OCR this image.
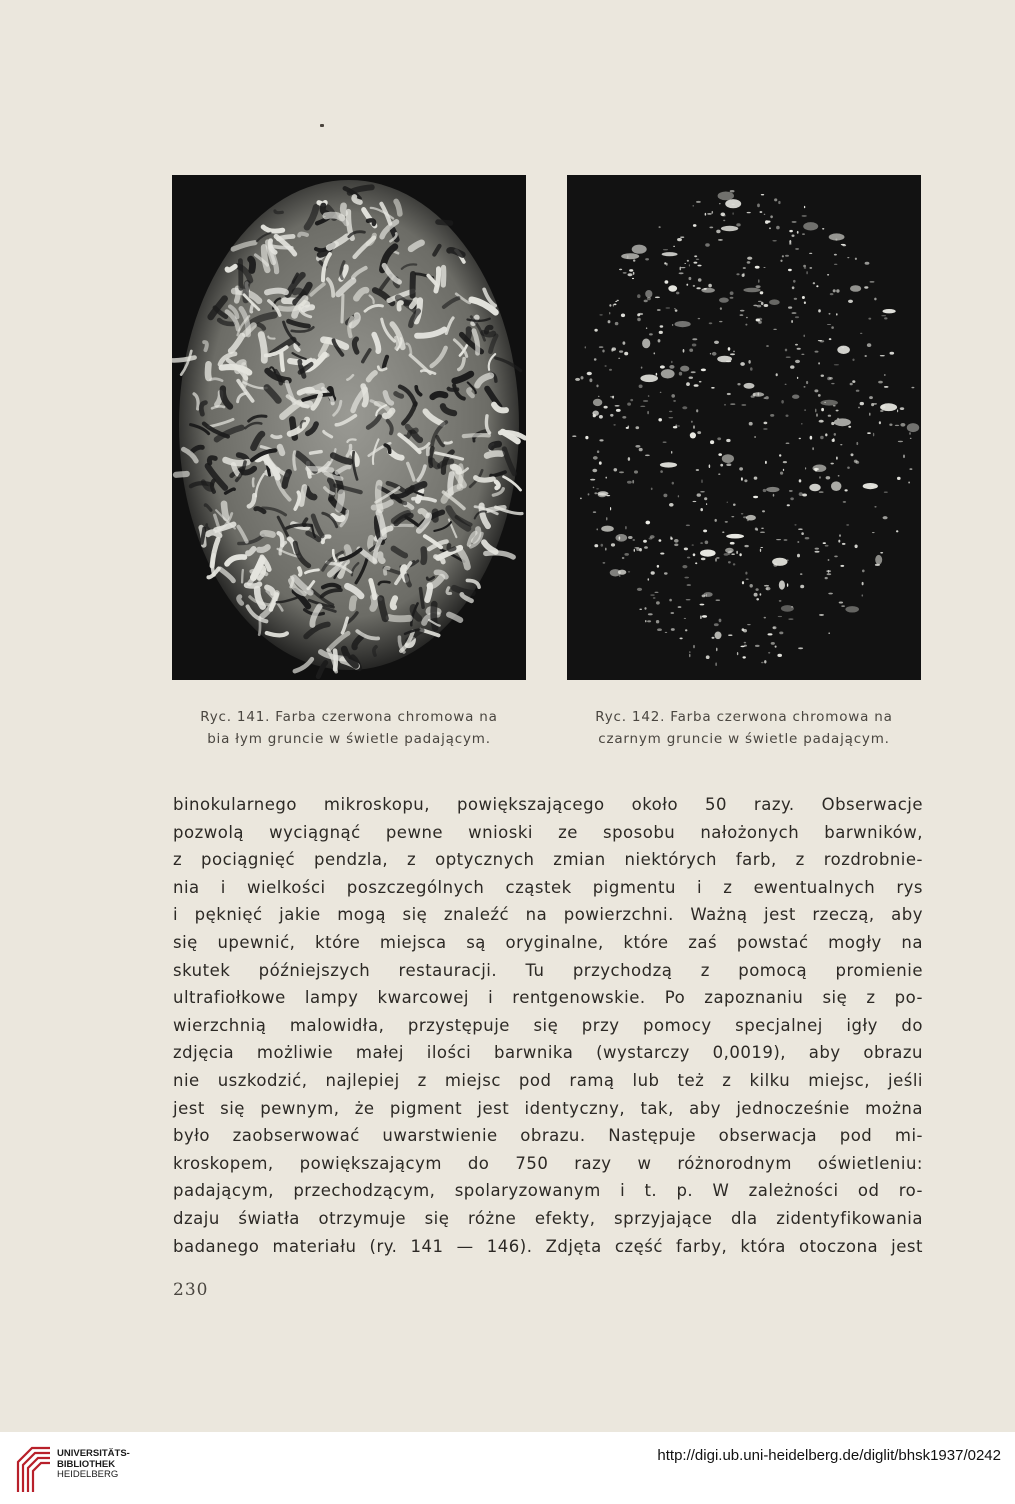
Ryc. 141. Farba czerwona chromowa na
bia łym gruncie w świetle padającym.
Ryc. 142. Farba czerwona chromowa na
czarnym gruncie w świetle padającym.
binokularnego mikroskopu, powiększającego około 50 razy. Obserwacje
pozwolą wyciągnąć pewne wnioski ze sposobu nałożonych barwników,
z pociągnięć pendzla, z optycznych zmian niektórych farb, z rozdrobnie-
nia i wielkości poszczególnych cząstek pigmentu i z ewentualnych rys
i pęknięć jakie mogą się znaleźć na powierzchni. Ważną jest rzeczą, aby
się upewnić, które miejsca są oryginalne, które zaś powstać mogły na
skutek późniejszych restauracji. Tu przychodzą z pomocą promienie
ultrafiołkowe lampy kwarcowej i rentgenowskie. Po zapoznaniu się z po-
wierzchnią malowidła, przystępuje się przy pomocy specjalnej igły do
zdjęcia możliwie małej ilości barwnika (wystarczy 0,0019), aby obrazu
nie uszkodzić, najlepiej z miejsc pod ramą lub też z kilku miejsc, jeśli
jest się pewnym, że pigment jest identyczny, tak, aby jednocześnie można
było zaobserwować uwarstwienie obrazu. Następuje obserwacja pod mi-
kroskopem, powiększającym do 750 razy w różnorodnym oświetleniu:
padającym, przechodzącym, spolaryzowanym i t. p. W zależności od ro-
dzaju światła otrzymuje się różne efekty, sprzyjające dla zidentyfikowania
badanego materiału (ry. 141 — 146). Zdjęta część farby, która otoczona jest
230
UNIVERSITÄTS-
BIBLIOTHEK
HEIDELBERG
http://digi.ub.uni-heidelberg.de/diglit/bhsk1937/0242
